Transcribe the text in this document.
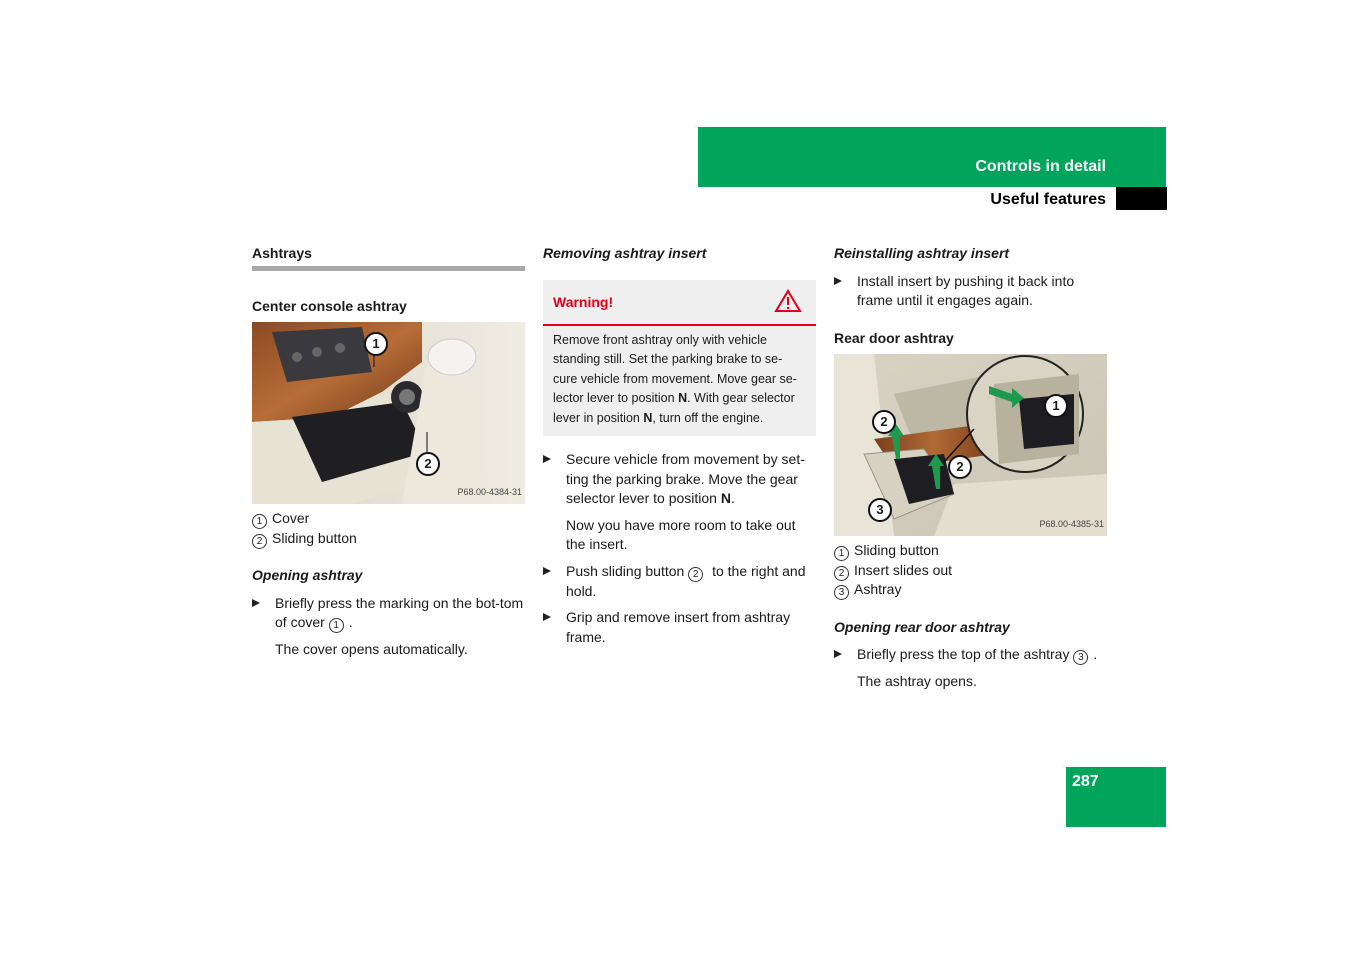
Controls in detail
Useful features
287
Ashtrays
Center console ashtray
1
2
P68.00-4384-31
1 Cover
2 Sliding button
Opening ashtray
Briefly press the marking on the bot-tom of cover 1 .
The cover opens automatically.
Removing ashtray insert
Warning!
Remove front ashtray only with vehicle standing still. Set the parking brake to se-cure vehicle from movement. Move gear se-lector lever to position N. With gear selector lever in position N, turn off the engine.
Secure vehicle from movement by set-ting the parking brake. Move the gear selector lever to position N.
Now you have more room to take out the insert.
Push sliding button 2 to the right and hold.
Grip and remove insert from ashtray frame.
Reinstalling ashtray insert
Install insert by pushing it back into frame until it engages again.
Rear door ashtray
1
2
2
3
P68.00-4385-31
1 Sliding button
2 Insert slides out
3 Ashtray
Opening rear door ashtray
Briefly press the top of the ashtray 3 .
The ashtray opens.
